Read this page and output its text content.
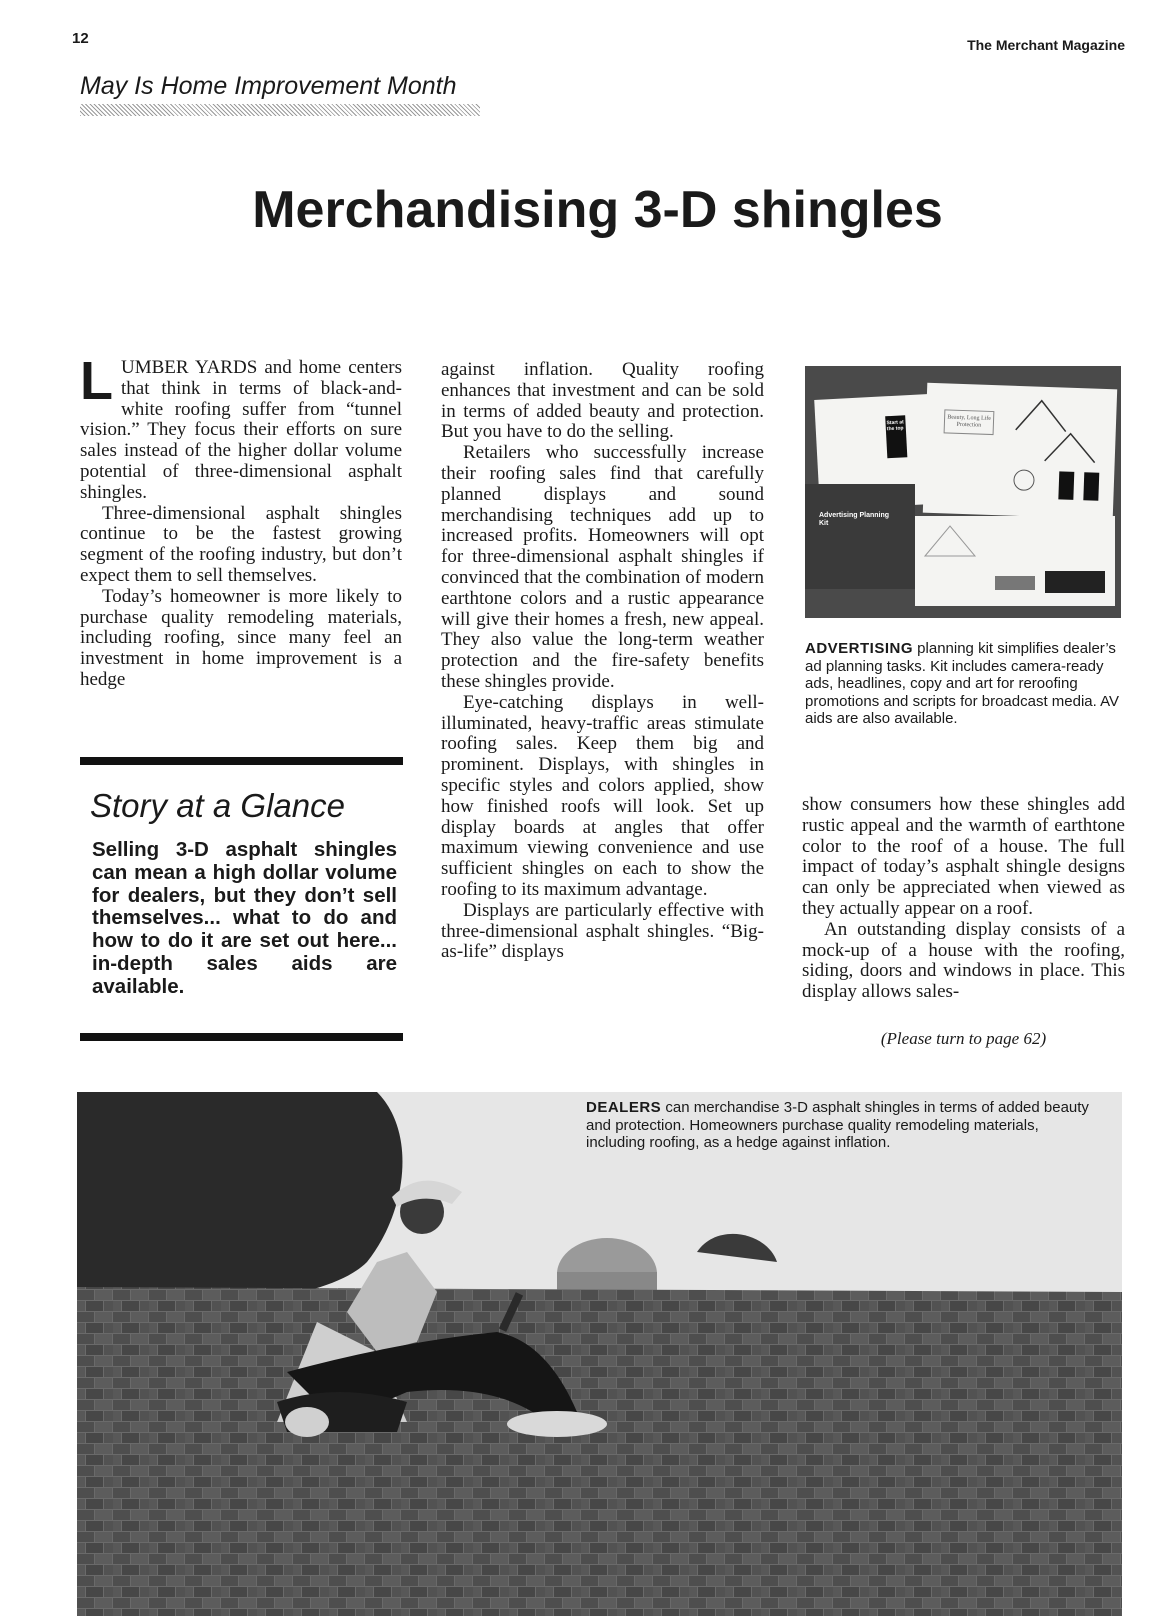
12	The Merchant Magazine
May Is Home Improvement Month
Merchandising 3-D shingles

LUMBER YARDS and home centers that think in terms of black-and-white roofing suffer from “tunnel vision.” They focus their efforts on sure sales instead of the higher dollar volume potential of three-dimensional asphalt shingles.

Three-dimensional asphalt shingles continue to be the fastest growing segment of the roofing industry, but don’t expect them to sell themselves.

Today’s homeowner is more likely to purchase quality remodeling materials, including roofing, since many feel an investment in home improvement is a hedge

Story at a Glance
Selling 3-D asphalt shingles can mean a high dollar volume for dealers, but they don’t sell themselves... what to do and how to do it are set out here... in-depth sales aids are available.

against inflation. Quality roofing enhances that investment and can be sold in terms of added beauty and protection. But you have to do the selling.

Retailers who successfully increase their roofing sales find that carefully planned displays and sound merchandising techniques add up to increased profits. Homeowners will opt for three-dimensional asphalt shingles if convinced that the combination of modern earthtone colors and a rustic appearance will give their homes a fresh, new appeal. They also value the long-term weather protection and the fire-safety benefits these shingles provide.

Eye-catching displays in well-illuminated, heavy-traffic areas stimulate roofing sales. Keep them big and prominent. Displays, with shingles in specific styles and colors applied, show how finished roofs will look. Set up display boards at angles that offer maximum viewing convenience and use sufficient shingles on each to show the roofing to its maximum advantage.

Displays are particularly effective with three-dimensional asphalt shingles. “Big-as-life” displays

Start at the top
Beauty, Long Life Protection
Advertising Planning Kit
ADVERTISING planning kit simplifies dealer’s ad planning tasks. Kit includes camera-ready ads, headlines, copy and art for reroofing promotions and scripts for broadcast media. AV aids are also available.

show consumers how these shingles add rustic appeal and the warmth of earthtone color to the roof of a house. The full impact of today’s asphalt shingle designs can only be appreciated when viewed as they actually appear on a roof.

An outstanding display consists of a mock-up of a house with the roofing, siding, doors and windows in place. This display allows sales-

(Please turn to page 62)
DEALERS can merchandise 3-D asphalt shingles in terms of added beauty and protection. Homeowners purchase quality remodeling materials, including roofing, as a hedge against inflation.
